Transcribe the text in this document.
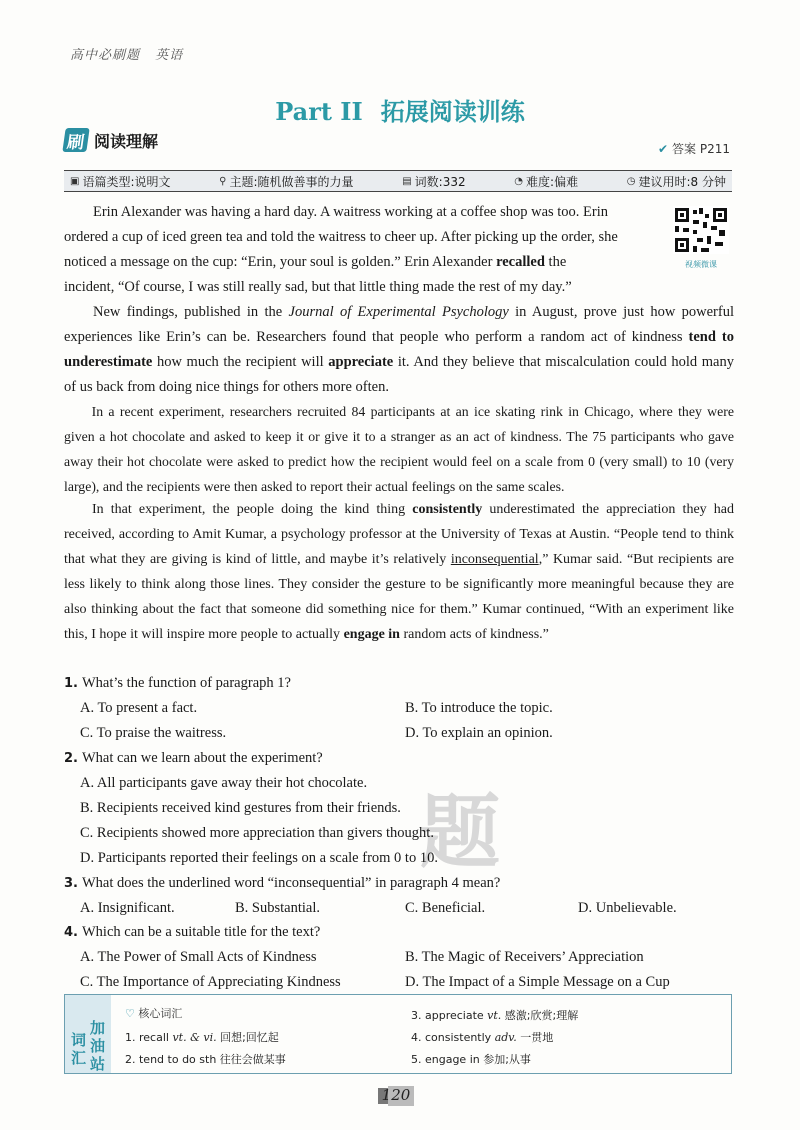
高中必刷题 英语
Part II 拓展阅读训练
刷 阅读理解	✔ 答案 P211
▣ 语篇类型:说明文	⚲ 主题:随机做善事的力量	▤ 词数:332	◔ 难度:偏难	◷ 建议用时:8 分钟
Erin Alexander was having a hard day. A waitress working at a coffee shop was too. Erin
ordered a cup of iced green tea and told the waitress to cheer up. After picking up the order, she
noticed a message on the cup: “Erin, your soul is golden.” Erin Alexander recalled the
incident, “Of course, I was still really sad, but that little thing made the rest of my day.”
视频微课
New findings, published in the Journal of Experimental Psychology in August, prove just how powerful experiences like Erin’s can be. Researchers found that people who perform a random act of kindness tend to underestimate how much the recipient will appreciate it. And they believe that miscalculation could hold many of us back from doing nice things for others more often.
In a recent experiment, researchers recruited 84 participants at an ice skating rink in Chicago, where they were given a hot chocolate and asked to keep it or give it to a stranger as an act of kindness. The 75 participants who gave away their hot chocolate were asked to predict how the recipient would feel on a scale from 0 (very small) to 10 (very large), and the recipients were then asked to report their actual feelings on the same scales.
In that experiment, the people doing the kind thing consistently underestimated the appreciation they had received, according to Amit Kumar, a psychology professor at the University of Texas at Austin. “People tend to think that what they are giving is kind of little, and maybe it’s relatively inconsequential,” Kumar said. “But recipients are less likely to think along those lines. They consider the gesture to be significantly more meaningful because they are also thinking about the fact that someone did something nice for them.” Kumar continued, “With an experiment like this, I hope it will inspire more people to actually engage in random acts of kindness.”
题
1. What’s the function of paragraph 1?
A. To present a fact.	B. To introduce the topic.
C. To praise the waitress.	D. To explain an opinion.
2. What can we learn about the experiment?
A. All participants gave away their hot chocolate.
B. Recipients received kind gestures from their friends.
C. Recipients showed more appreciation than givers thought.
D. Participants reported their feelings on a scale from 0 to 10.
3. What does the underlined word “inconsequential” in paragraph 4 mean?
A. Insignificant.	B. Substantial.	C. Beneficial.	D. Unbelievable.
4. Which can be a suitable title for the text?
A. The Power of Small Acts of Kindness	B. The Magic of Receivers’ Appreciation
C. The Importance of Appreciating Kindness	D. The Impact of a Simple Message on a Cup
词
汇
加
油
站
♡ 核心词汇
1. recall vt. & vi. 回想;回忆起
2. tend to do sth 往往会做某事
3. appreciate vt. 感激;欣赏;理解
4. consistently adv. 一贯地
5. engage in 参加;从事
120
